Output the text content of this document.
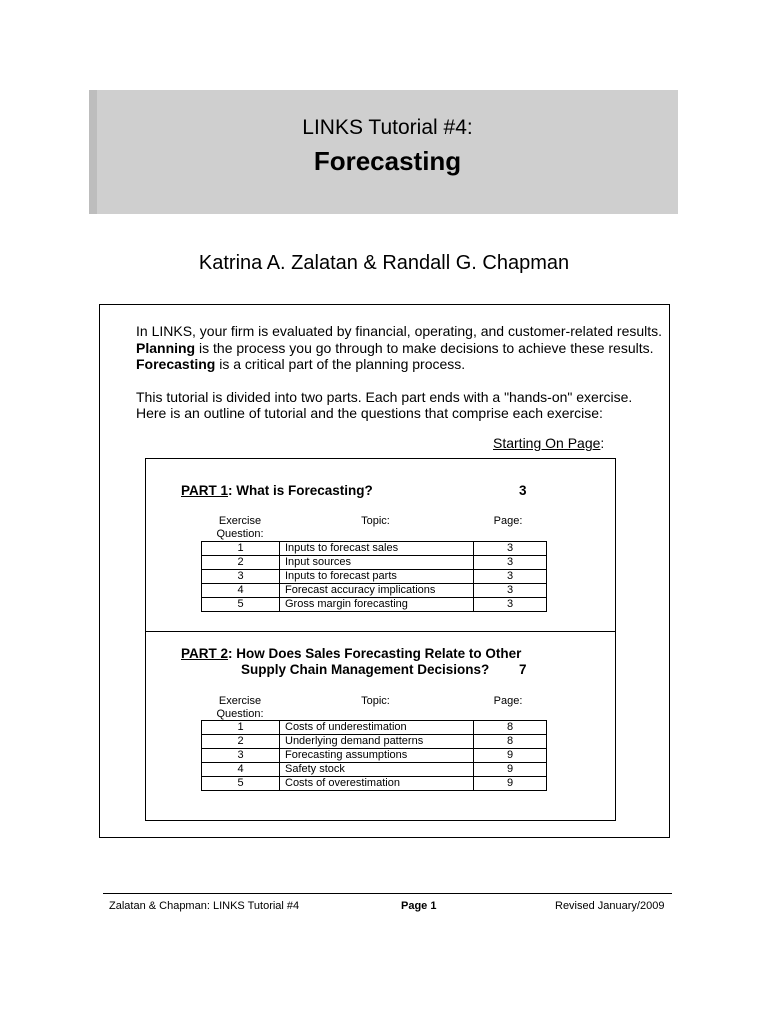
LINKS Tutorial #4:
Forecasting
Katrina A. Zalatan & Randall G. Chapman

In LINKS, your firm is evaluated by financial, operating, and customer-related results.
Planning is the process you go through to make decisions to achieve these results.
Forecasting is a critical part of the planning process.

This tutorial is divided into two parts. Each part ends with a "hands-on" exercise.
Here is an outline of tutorial and the questions that comprise each exercise:

Starting On Page:
PART 1: What is Forecasting?	3
Exercise
Question:
Topic:	Page:
1	Inputs to forecast sales	3
2	Input sources	3
3	Inputs to forecast parts	3
4	Forecast accuracy implications	3
5	Gross margin forecasting	3
PART 2: How Does Sales Forecasting Relate to Other
Supply Chain Management Decisions? 7
Exercise
Question:
Topic:	Page:
1	Costs of underestimation	8
2	Underlying demand patterns	8
3	Forecasting assumptions	9
4	Safety stock	9
5	Costs of overestimation	9
Zalatan & Chapman: LINKS Tutorial #4	Page 1	Revised January/2009
